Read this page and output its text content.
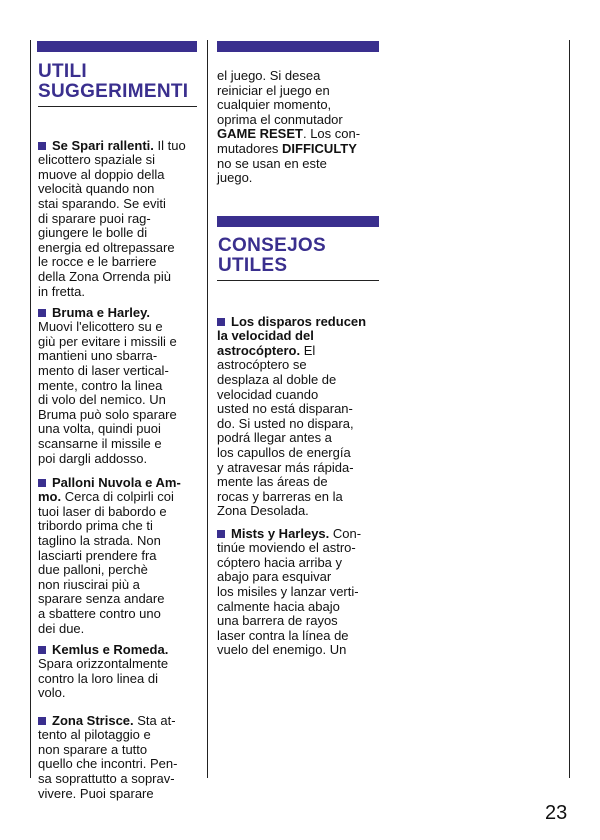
UTILI
SUGGERIMENTI

Se Spari rallenti. Il tuo
elicottero spaziale si
muove al doppio della
velocità quando non
stai sparando. Se eviti
di sparare puoi rag-
giungere le bolle di
energia ed oltrepassare
le rocce e le barriere
della Zona Orrenda più
in fretta.

Bruma e Harley.
Muovi l'elicottero su e
giù per evitare i missili e
mantieni uno sbarra-
mento di laser vertical-
mente, contro la linea
di volo del nemico. Un
Bruma può solo sparare
una volta, quindi puoi
scansarne il missile e
poi dargli addosso.

Palloni Nuvola e Am-
mo. Cerca di colpirli coi
tuoi laser di babordo e
tribordo prima che ti
taglino la strada. Non
lasciarti prendere fra
due palloni, perchè
non riuscirai più a
sparare senza andare
a sbattere contro uno
dei due.

Kemlus e Romeda.
Spara orizzontalmente
contro la loro linea di
volo.

Zona Strisce. Sta at-
tento al pilotaggio e
non sparare a tutto
quello che incontri. Pen-
sa soprattutto a soprav-
vivere. Puoi sparare

el juego. Si desea
reiniciar el juego en
cualquier momento,
oprima el conmutador
GAME RESET. Los con-
mutadores DIFFICULTY
no se usan en este
juego.
CONSEJOS
UTILES

Los disparos reducen
la velocidad del
astrocóptero. El
astrocóptero se
desplaza al doble de
velocidad cuando
usted no está disparan-
do. Si usted no dispara,
podrá llegar antes a
los capullos de energía
y atravesar más rápida-
mente las áreas de
rocas y barreras en la
Zona Desolada.

Mists y Harleys. Con-
tinúe moviendo el astro-
cóptero hacia arriba y
abajo para esquivar
los misiles y lanzar verti-
calmente hacia abajo
una barrera de rayos
laser contra la línea de
vuelo del enemigo. Un

23
